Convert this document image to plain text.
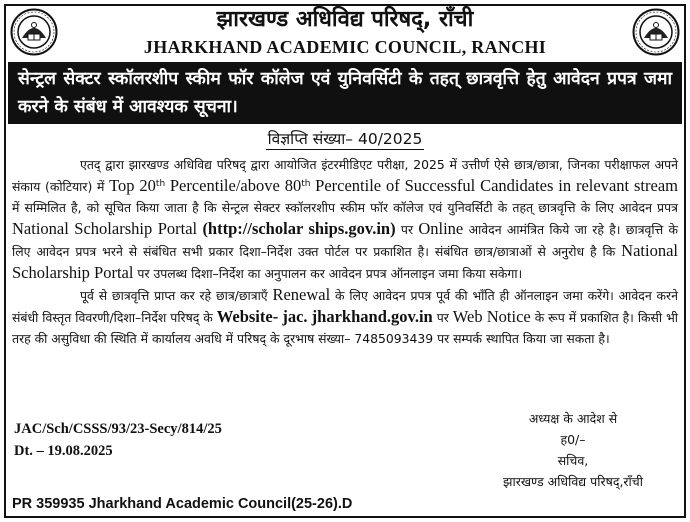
झारखण्ड अधिविद्य परिषद्, राँची
JHARKHAND ACADEMIC COUNCIL, RANCHI
सेन्ट्रल सेक्टर स्कॉलरशीप स्कीम फॉर कॉलेज एवं युनिवर्सिटी के तहत् छात्रवृत्ति हेतु आवेदन प्रपत्र जमा करने के संबंध में आवश्यक सूचना।
विज्ञप्ति संख्या– 40/2025

एतद् द्वारा झारखण्ड अधिविद्य परिषद् द्वारा आयोजित इंटरमीडिएट परीक्षा, 2025 में उत्तीर्ण ऐसे छात्र/छात्रा, जिनका परीक्षाफल अपने संकाय (कोटियार) में Top 20th Percentile/above 80th Percentile of Successful Candidates in relevant stream में सम्मिलित है, को सूचित किया जाता है कि सेन्ट्रल सेक्टर स्कॉलरशीप स्कीम फॉर कॉलेज एवं युनिवर्सिटी के तहत् छात्रवृत्ति के लिए आवेदन प्रपत्र National Scholarship Portal (http://scholar ships.gov.in) पर Online आवेदन आमंत्रित किये जा रहे है। छात्रवृत्ति के लिए आवेदन प्रपत्र भरने से संबंधित सभी प्रकार दिशा–निर्देश उक्त पोर्टल पर प्रकाशित है। संबंधित छात्र/छात्राओं से अनुरोध है कि National Scholarship Portal पर उपलब्ध दिशा–निर्देश का अनुपालन कर आवेदन प्रपत्र ऑनलाइन जमा किया सकेगा।

पूर्व से छात्रवृत्ति प्राप्त कर रहे छात्र/छात्राएँ Renewal के लिए आवेदन प्रपत्र पूर्व की भाँति ही ऑनलाइन जमा करेंगे। आवेदन करने संबंधी विस्तृत विवरणी/दिशा–निर्देश परिषद् के Website- jac. jharkhand.gov.in पर Web Notice के रूप में प्रकाशित है। किसी भी तरह की असुविधा की स्थिति में कार्यालय अवधि में परिषद् के दूरभाष संख्या– 7485093439 पर सम्पर्क स्थापित किया जा सकता है।

JAC/Sch/CSSS/93/23-Secy/814/25
Dt. – 19.08.2025
अध्यक्ष के आदेश से
ह0/–
सचिव,
झारखण्ड अधिविद्य परिषद्,राँची
PR 359935 Jharkhand Academic Council(25-26).D
